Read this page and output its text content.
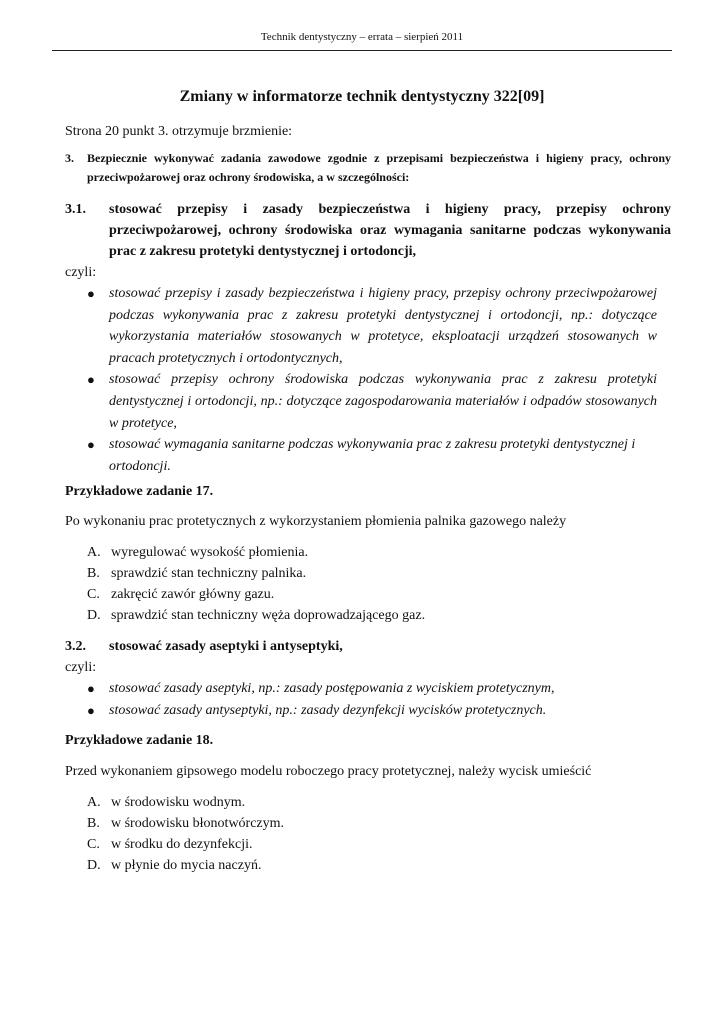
Technik dentystyczny – errata – sierpień 2011
Zmiany w informatorze technik dentystyczny 322[09]

Strona 20 punkt 3. otrzymuje brzmienie:

3. Bezpiecznie wykonywać zadania zawodowe zgodnie z przepisami bezpieczeństwa i higieny pracy, ochrony przeciwpożarowej oraz ochrony środowiska, a w szczególności:
3.1. stosować przepisy i zasady bezpieczeństwa i higieny pracy, przepisy ochrony przeciwpożarowej, ochrony środowiska oraz wymagania sanitarne podczas wykonywania prac z zakresu protetyki dentystycznej i ortodoncji,
czyli:
● stosować przepisy i zasady bezpieczeństwa i higieny pracy, przepisy ochrony przeciwpożarowej podczas wykonywania prac z zakresu protetyki dentystycznej i ortodoncji, np.: dotyczące wykorzystania materiałów stosowanych w protetyce, eksploatacji urządzeń stosowanych w pracach protetycznych i ortodontycznych,
● stosować przepisy ochrony środowiska podczas wykonywania prac z zakresu protetyki dentystycznej i ortodoncji, np.: dotyczące zagospodarowania materiałów i odpadów stosowanych w protetyce,
● stosować wymagania sanitarne podczas wykonywania prac z zakresu protetyki dentystycznej i ortodoncji.
Przykładowe zadanie 17.
Po wykonaniu prac protetycznych z wykorzystaniem płomienia palnika gazowego należy
A. wyregulować wysokość płomienia.
B. sprawdzić stan techniczny palnika.
C. zakręcić zawór główny gazu.
D. sprawdzić stan techniczny węża doprowadzającego gaz.
3.2. stosować zasady aseptyki i antyseptyki,
czyli:
● stosować zasady aseptyki, np.: zasady postępowania z wyciskiem protetycznym,
● stosować zasady antyseptyki, np.: zasady dezynfekcji wycisków protetycznych.
Przykładowe zadanie 18.
Przed wykonaniem gipsowego modelu roboczego pracy protetycznej, należy wycisk umieścić
A. w środowisku wodnym.
B. w środowisku błonotwórczym.
C. w środku do dezynfekcji.
D. w płynie do mycia naczyń.
